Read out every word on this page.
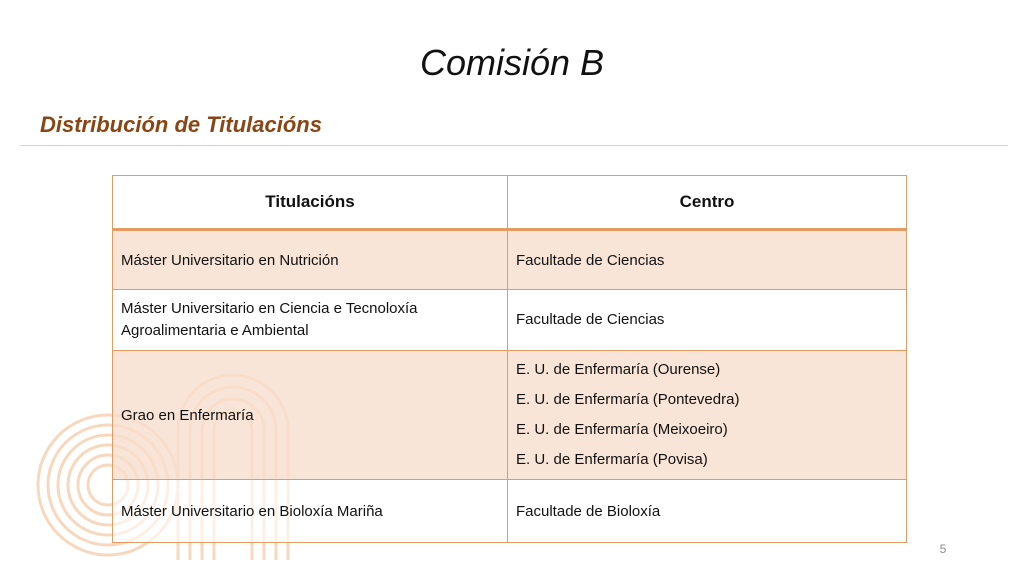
Comisión B
Distribución de Titulacións
Titulacións	Centro
Máster Universitario en Nutrición	Facultade de Ciencias
Máster Universitario en Ciencia e Tecnoloxía Agroalimentaria e Ambiental	Facultade de Ciencias
Grao en Enfermaría	E. U. de Enfermaría (Ourense)
E. U. de Enfermaría (Pontevedra)
E. U. de Enfermaría (Meixoeiro)
E. U. de Enfermaría (Povisa)

Máster Universitario en Bioloxía Mariña	Facultade de Bioloxía
5
